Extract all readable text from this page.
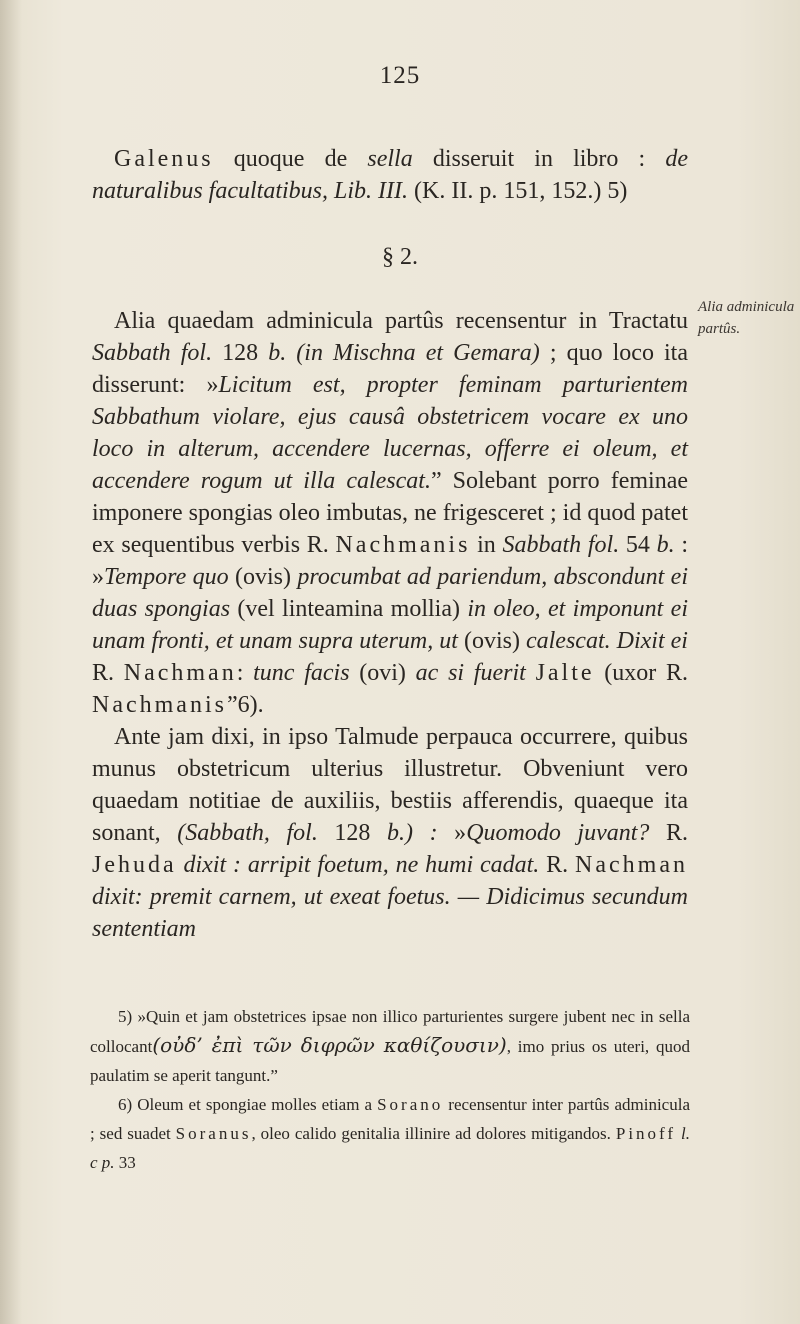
125

Galenus quoque de sella disseruit in libro : de naturalibus facultatibus, Lib. III. (K. II. p. 151, 152.) 5)

§ 2.
Alia adminicula partûs.

Alia quaedam adminicula partûs recensentur in Tractatu Sabbath fol. 128 b. (in Mischna et Gemara) ; quo loco ita disserunt: »Licitum est, propter feminam parturientem Sabbathum violare, ejus causâ obstetricem vocare ex uno loco in alterum, accendere lucernas, offerre ei oleum, et accendere rogum ut illa calescat.” Solebant porro feminae imponere spongias oleo imbutas, ne frigesceret ; id quod patet ex sequentibus verbis R. Nachmanis in Sabbath fol. 54 b. : »Tempore quo (ovis) procumbat ad pariendum, abscondunt ei duas spongias (vel linteamina mollia) in oleo, et imponunt ei unam fronti, et unam supra uterum, ut (ovis) calescat. Dixit ei R. Nachman: tunc facis (ovi) ac si fuerit Jalte (uxor R. Nachmanis”6).

Ante jam dixi, in ipso Talmude perpauca occurrere, quibus munus obstetricum ulterius illustretur. Obveniunt vero quaedam notitiae de auxiliis, bestiis afferendis, quaeque ita sonant, (Sabbath, fol. 128 b.) : »Quomodo juvant? R. Jehuda dixit : arripit foetum, ne humi cadat. R. Nachman dixit: premit carnem, ut exeat foetus. — Didicimus secundum sententiam

5) »Quin et jam obstetrices ipsae non illico parturientes surgere jubent nec in sella collocant(οὐδ’ ἐπὶ τῶν διφρῶν καθίζουσιν), imo prius os uteri, quod paulatim se aperit tangunt.”

6) Oleum et spongiae molles etiam a Sorano recensentur inter partûs adminicula ; sed suadet Soranus, oleo calido genitalia illinire ad dolores mitigandos. Pinoff l. c p. 33
